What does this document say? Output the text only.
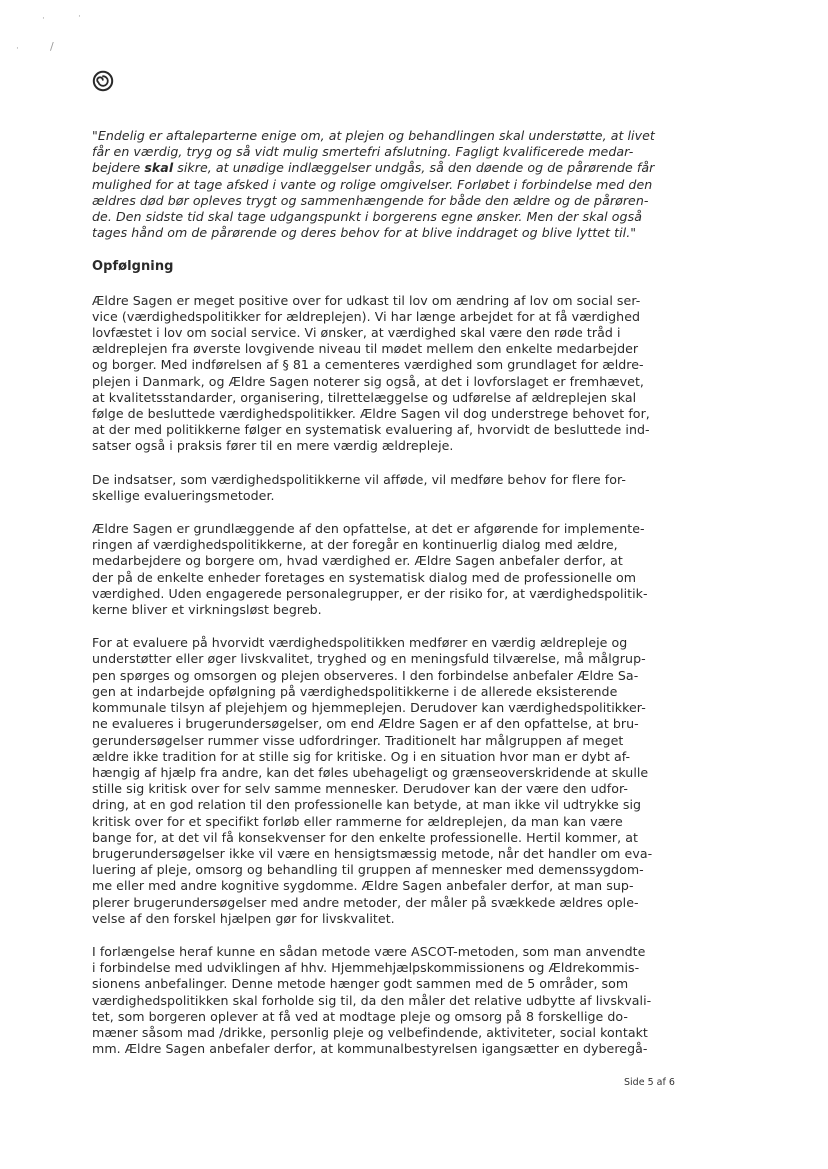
·	·
·	/
"Endelig er aftaleparterne enige om, at plejen og behandlingen skal understøtte, at livet
får en værdig, tryg og så vidt mulig smertefri afslutning. Fagligt kvalificerede medar-
bejdere skal sikre, at unødige indlæggelser undgås, så den døende og de pårørende får
mulighed for at tage afsked i vante og rolige omgivelser. Forløbet i forbindelse med den
ældres død bør opleves trygt og sammenhængende for både den ældre og de pårøren-
de. Den sidste tid skal tage udgangspunkt i borgerens egne ønsker. Men der skal også
tages hånd om de pårørende og deres behov for at blive inddraget og blive lyttet til."
Opfølgning
Ældre Sagen er meget positive over for udkast til lov om ændring af lov om social ser-
vice (værdighedspolitikker for ældreplejen). Vi har længe arbejdet for at få værdighed
lovfæstet i lov om social service. Vi ønsker, at værdighed skal være den røde tråd i
ældreplejen fra øverste lovgivende niveau til mødet mellem den enkelte medarbejder
og borger. Med indførelsen af § 81 a cementeres værdighed som grundlaget for ældre-
plejen i Danmark, og Ældre Sagen noterer sig også, at det i lovforslaget er fremhævet,
at kvalitetsstandarder, organisering, tilrettelæggelse og udførelse af ældreplejen skal
følge de besluttede værdighedspolitikker. Ældre Sagen vil dog understrege behovet for,
at der med politikkerne følger en systematisk evaluering af, hvorvidt de besluttede ind-
satser også i praksis fører til en mere værdig ældrepleje.
De indsatser, som værdighedspolitikkerne vil afføde, vil medføre behov for flere for-
skellige evalueringsmetoder.
Ældre Sagen er grundlæggende af den opfattelse, at det er afgørende for implemente-
ringen af værdighedspolitikkerne, at der foregår en kontinuerlig dialog med ældre,
medarbejdere og borgere om, hvad værdighed er. Ældre Sagen anbefaler derfor, at
der på de enkelte enheder foretages en systematisk dialog med de professionelle om
værdighed. Uden engagerede personalegrupper, er der risiko for, at værdighedspolitik-
kerne bliver et virkningsløst begreb.
For at evaluere på hvorvidt værdighedspolitikken medfører en værdig ældrepleje og
understøtter eller øger livskvalitet, tryghed og en meningsfuld tilværelse, må målgrup-
pen spørges og omsorgen og plejen observeres. I den forbindelse anbefaler Ældre Sa-
gen at indarbejde opfølgning på værdighedspolitikkerne i de allerede eksisterende
kommunale tilsyn af plejehjem og hjemmeplejen. Derudover kan værdighedspolitikker-
ne evalueres i brugerundersøgelser, om end Ældre Sagen er af den opfattelse, at bru-
gerundersøgelser rummer visse udfordringer. Traditionelt har målgruppen af meget
ældre ikke tradition for at stille sig for kritiske. Og i en situation hvor man er dybt af-
hængig af hjælp fra andre, kan det føles ubehageligt og grænseoverskridende at skulle
stille sig kritisk over for selv samme mennesker. Derudover kan der være den udfor-
dring, at en god relation til den professionelle kan betyde, at man ikke vil udtrykke sig
kritisk over for et specifikt forløb eller rammerne for ældreplejen, da man kan være
bange for, at det vil få konsekvenser for den enkelte professionelle. Hertil kommer, at
brugerundersøgelser ikke vil være en hensigtsmæssig metode, når det handler om eva-
luering af pleje, omsorg og behandling til gruppen af mennesker med demenssygdom-
me eller med andre kognitive sygdomme. Ældre Sagen anbefaler derfor, at man sup-
plerer brugerundersøgelser med andre metoder, der måler på svækkede ældres ople-
velse af den forskel hjælpen gør for livskvalitet.
I forlængelse heraf kunne en sådan metode være ASCOT-metoden, som man anvendte
i forbindelse med udviklingen af hhv. Hjemmehjælpskommissionens og Ældrekommis-
sionens anbefalinger. Denne metode hænger godt sammen med de 5 områder, som
værdighedspolitikken skal forholde sig til, da den måler det relative udbytte af livskvali-
tet, som borgeren oplever at få ved at modtage pleje og omsorg på 8 forskellige do-
mæner såsom mad /drikke, personlig pleje og velbefindende, aktiviteter, social kontakt
mm. Ældre Sagen anbefaler derfor, at kommunalbestyrelsen igangsætter en dyberegå-
Side 5 af 6
